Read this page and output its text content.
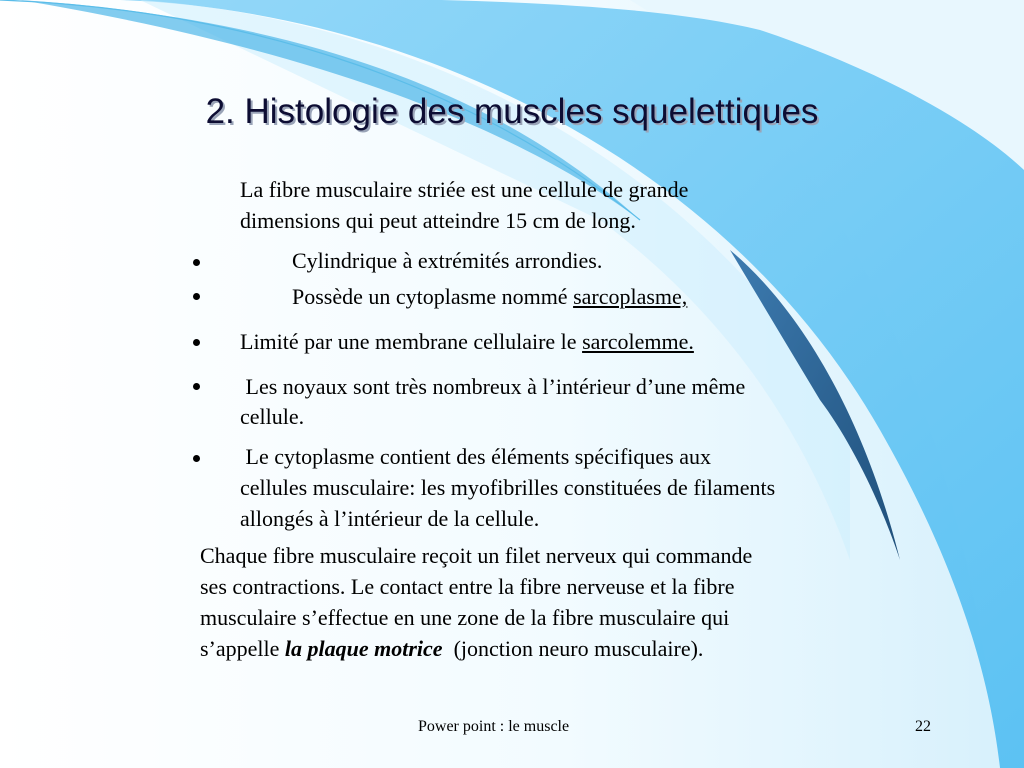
2. Histologie des muscles squelettiques

La fibre musculaire striée est une cellule de grande

dimensions qui peut atteindre 15 cm de long.

Cylindrique à extrémités arrondies.

Possède un cytoplasme nommé sarcoplasme,

Limité par une membrane cellulaire le sarcolemme.

Les noyaux sont très nombreux à l’intérieur d’une même

cellule.

Le cytoplasme contient des éléments spécifiques aux

cellules musculaire: les myofibrilles constituées de filaments

allongés à l’intérieur de la cellule.

Chaque fibre musculaire reçoit un filet nerveux qui commande

ses contractions. Le contact entre la fibre nerveuse et la fibre

musculaire s’effectue en une zone de la fibre musculaire qui

s’appelle la plaque motrice  (jonction neuro musculaire).

Power point : le muscle	22
